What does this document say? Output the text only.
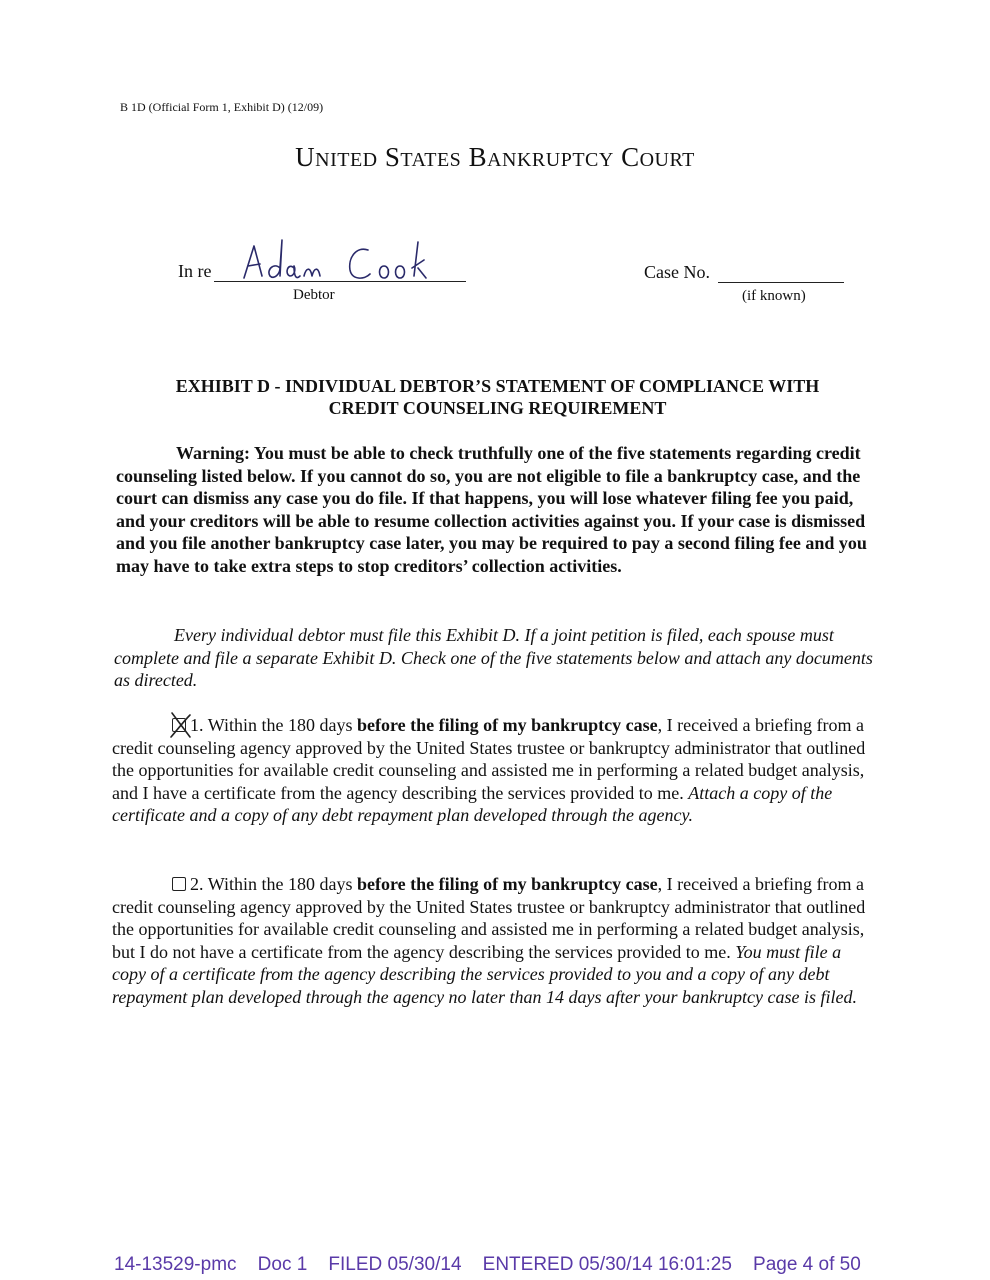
B 1D (Official Form 1, Exhibit D) (12/09)
UNITED STATES BANKRUPTCY COURT
In re
Debtor
Case No.
(if known)
EXHIBIT D - INDIVIDUAL DEBTOR’S STATEMENT OF COMPLIANCE WITH
CREDIT COUNSELING REQUIREMENT

Warning: You must be able to check truthfully one of the five statements regarding credit counseling listed below. If you cannot do so, you are not eligible to file a bankruptcy case, and the court can dismiss any case you do file. If that happens, you will lose whatever filing fee you paid, and your creditors will be able to resume collection activities against you. If your case is dismissed and you file another bankruptcy case later, you may be required to pay a second filing fee and you may have to take extra steps to stop creditors’ collection activities.

Every individual debtor must file this Exhibit D. If a joint petition is filed, each spouse must complete and file a separate Exhibit D. Check one of the five statements below and attach any documents as directed.

1. Within the 180 days before the filing of my bankruptcy case, I received a briefing from a credit counseling agency approved by the United States trustee or bankruptcy administrator that outlined the opportunities for available credit counseling and assisted me in performing a related budget analysis, and I have a certificate from the agency describing the services provided to me. Attach a copy of the certificate and a copy of any debt repayment plan developed through the agency.

2. Within the 180 days before the filing of my bankruptcy case, I received a briefing from a credit counseling agency approved by the United States trustee or bankruptcy administrator that outlined the opportunities for available credit counseling and assisted me in performing a related budget analysis, but I do not have a certificate from the agency describing the services provided to me. You must file a copy of a certificate from the agency describing the services provided to you and a copy of any debt repayment plan developed through the agency no later than 14 days after your bankruptcy case is filed.

14-13529-pmc Doc 1 FILED 05/30/14 ENTERED 05/30/14 16:01:25 Page 4 of 50
